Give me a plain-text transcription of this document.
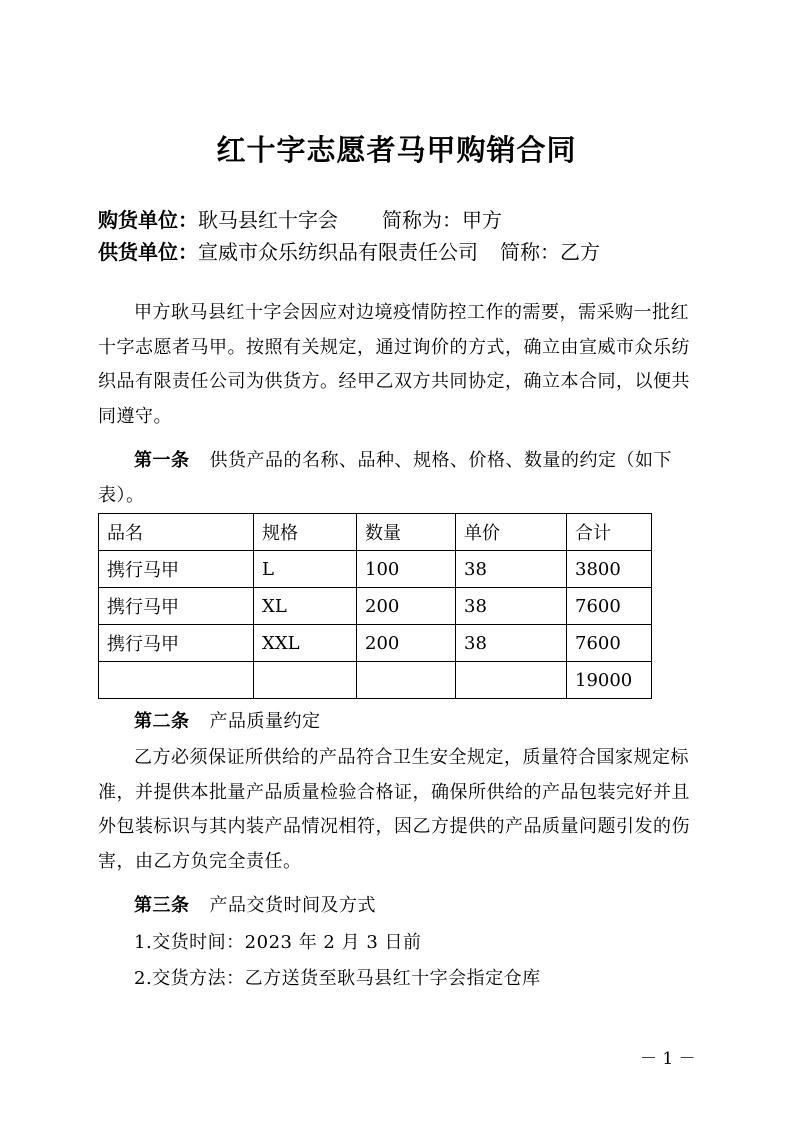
红十字志愿者马甲购销合同
购货单位：耿马县红十字会 简称为：甲方
供货单位：宣威市众乐纺织品有限责任公司 简称：乙方
甲方耿马县红十字会因应对边境疫情防控工作的需要，需采购一批红十字志愿者马甲。按照有关规定，通过询价的方式，确立由宣威市众乐纺织品有限责任公司为供货方。经甲乙双方共同协定，确立本合同，以便共同遵守。
第一条 供货产品的名称、品种、规格、价格、数量的约定（如下表）。
品名	规格	数量	单价	合计
携行马甲	L	100	38	3800
携行马甲	XL	200	38	7600
携行马甲	XXL	200	38	7600
				19000
第二条 产品质量约定
乙方必须保证所供给的产品符合卫生安全规定，质量符合国家规定标准，并提供本批量产品质量检验合格证，确保所供给的产品包装完好并且外包装标识与其内装产品情况相符，因乙方提供的产品质量问题引发的伤害，由乙方负完全责任。
第三条 产品交货时间及方式
1.交货时间：2023 年 2 月 3 日前
2.交货方法：乙方送货至耿马县红十字会指定仓库
－ 1 －
